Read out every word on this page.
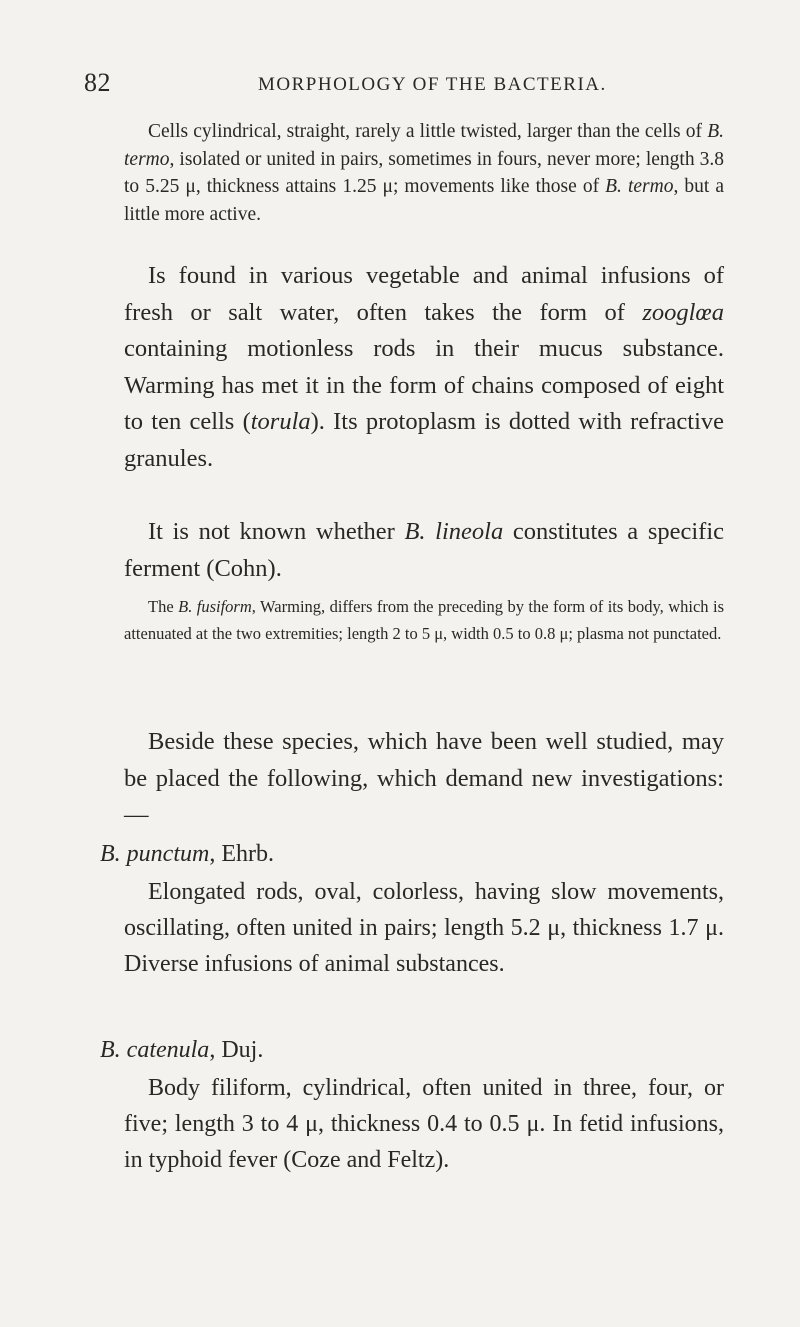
82	MORPHOLOGY OF THE BACTERIA.

Cells cylindrical, straight, rarely a little twisted, larger than the cells of B. termo, isolated or united in pairs, sometimes in fours, never more; length 3.8 to 5.25 μ, thickness attains 1.25 μ; movements like those of B. termo, but a little more active.

Is found in various vegetable and animal infusions of fresh or salt water, often takes the form of zooglœa containing motionless rods in their mucus substance. Warming has met it in the form of chains composed of eight to ten cells (torula). Its protoplasm is dotted with refractive granules.

It is not known whether B. lineola constitutes a specific ferment (Cohn).

The B. fusiform, Warming, differs from the preceding by the form of its body, which is attenuated at the two extremities; length 2 to 5 μ, width 0.5 to 0.8 μ; plasma not punctated.

Beside these species, which have been well studied, may be placed the following, which demand new investigations: —

B. punctum, Ehrb.

Elongated rods, oval, colorless, having slow movements, oscillating, often united in pairs; length 5.2 μ, thickness 1.7 μ. Diverse infusions of animal substances.

B. catenula, Duj.

Body filiform, cylindrical, often united in three, four, or five; length 3 to 4 μ, thickness 0.4 to 0.5 μ. In fetid infusions, in typhoid fever (Coze and Feltz).
